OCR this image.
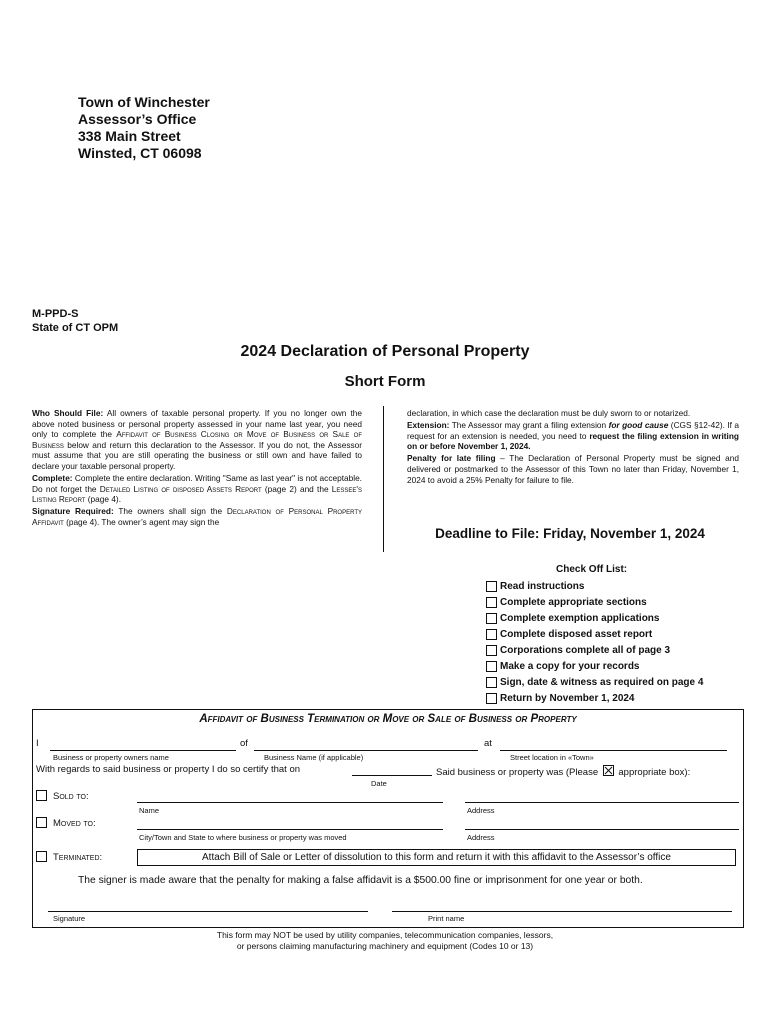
Town of Winchester
Assessor’s Office
338 Main Street
Winsted, CT 06098
M-PPD-S
State of CT OPM
2024 Declaration of Personal Property
Short Form

Who Should File: All owners of taxable personal property. If you no longer own the above noted business or personal property assessed in your name last year, you need only to complete the Affidavit of Business Closing or Move of Business or Sale of Business below and return this declaration to the Assessor. If you do not, the Assessor must assume that you are still operating the business or still own and have failed to declare your taxable personal property.

Complete: Complete the entire declaration. Writing "Same as last year" is not acceptable. Do not forget the Detailed Listing of disposed Assets Report (page 2) and the Lessee's Listing Report (page 4).

Signature Required: The owners shall sign the Declaration of Personal Property Affidavit (page 4). The owner’s agent may sign the

declaration, in which case the declaration must be duly sworn to or notarized.

Extension: The Assessor may grant a filing extension for good cause (CGS §12-42). If a request for an extension is needed, you need to request the filing extension in writing on or before November 1, 2024.

Penalty for late filing – The Declaration of Personal Property must be signed and delivered or postmarked to the Assessor of this Town no later than Friday, November 1, 2024 to avoid a 25% Penalty for failure to file.

Deadline to File: Friday, November 1, 2024
Check Off List:
Read instructions
Complete appropriate sections
Complete exemption applications
Complete disposed asset report
Corporations complete all of page 3
Make a copy for your records
Sign, date & witness as required on page 4
Return by November 1, 2024
Affidavit of Business Termination or Move or Sale of Business or Property
I	of	at
Business or property owners name	Business Name (if applicable)	Street location in «Town»
With regards to said business or property I do so certify that on	Said business or property was (Please appropriate box):
Date
Sold to:
Name	Address
Moved to:
City/Town and State to where business or property was moved	Address
Terminated:	Attach Bill of Sale or Letter of dissolution to this form and return it with this affidavit to the Assessor’s office
The signer is made aware that the penalty for making a false affidavit is a $500.00 fine or imprisonment for one year or both.
Signature	Print name
This form may NOT be used by utility companies, telecommunication companies, lessors,
or persons claiming manufacturing machinery and equipment (Codes 10 or 13)
